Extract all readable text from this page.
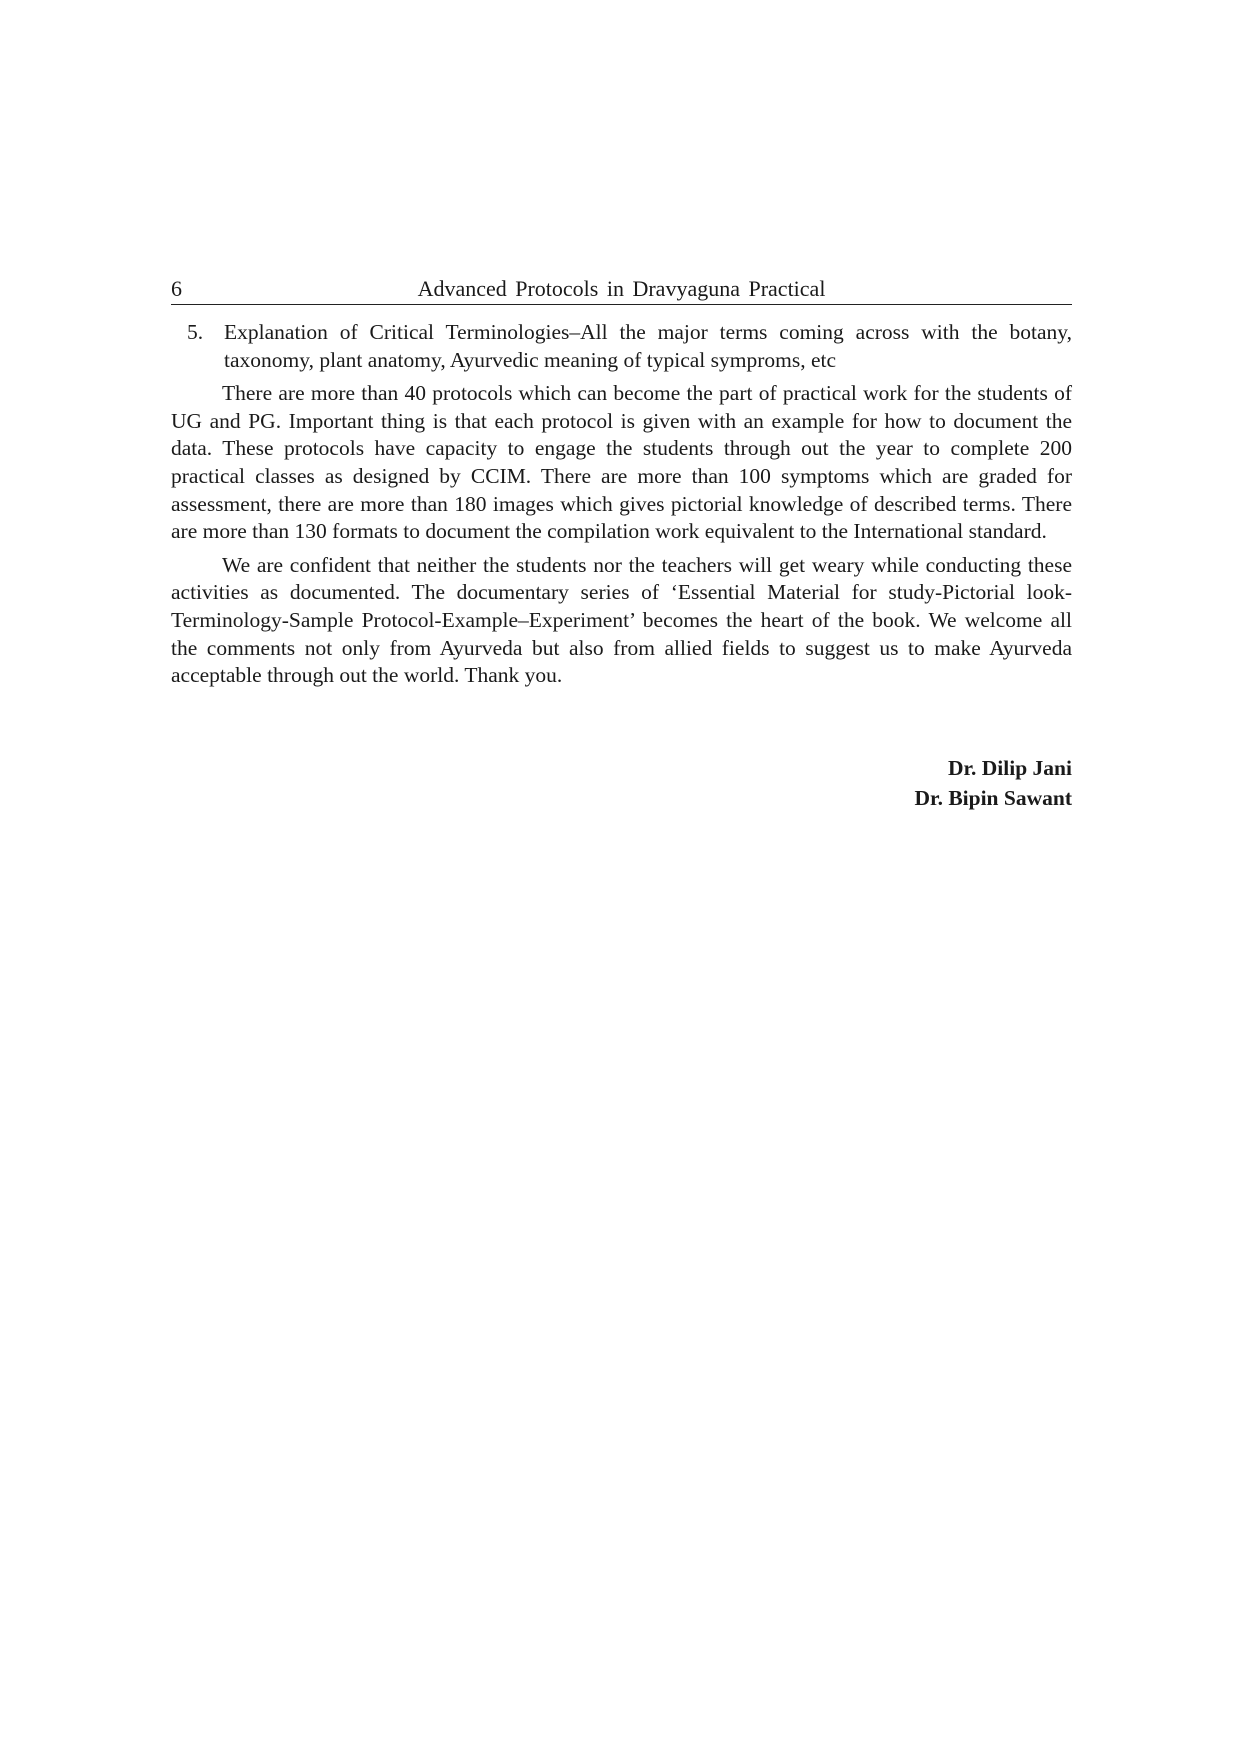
6	Advanced Protocols in Dravyaguna Practical
5. Explanation of Critical Terminologies–All the major terms coming across with the botany, taxonomy, plant anatomy, Ayurvedic meaning of typical symproms, etc

There are more than 40 protocols which can become the part of practical work for the students of UG and PG. Important thing is that each protocol is given with an example for how to document the data. These protocols have capacity to engage the students through out the year to complete 200 practical classes as designed by CCIM. There are more than 100 symptoms which are graded for assessment, there are more than 180 images which gives pictorial knowledge of described terms. There are more than 130 formats to document the compilation work equivalent to the International standard.

We are confident that neither the students nor the teachers will get weary while conducting these activities as documented. The documentary series of ‘Essential Material for study-Pictorial look-Terminology-Sample Protocol-Example–Experiment’ becomes the heart of the book. We welcome all the comments not only from Ayurveda but also from allied fields to suggest us to make Ayurveda acceptable through out the world. Thank you.

Dr. Dilip Jani
Dr. Bipin Sawant
